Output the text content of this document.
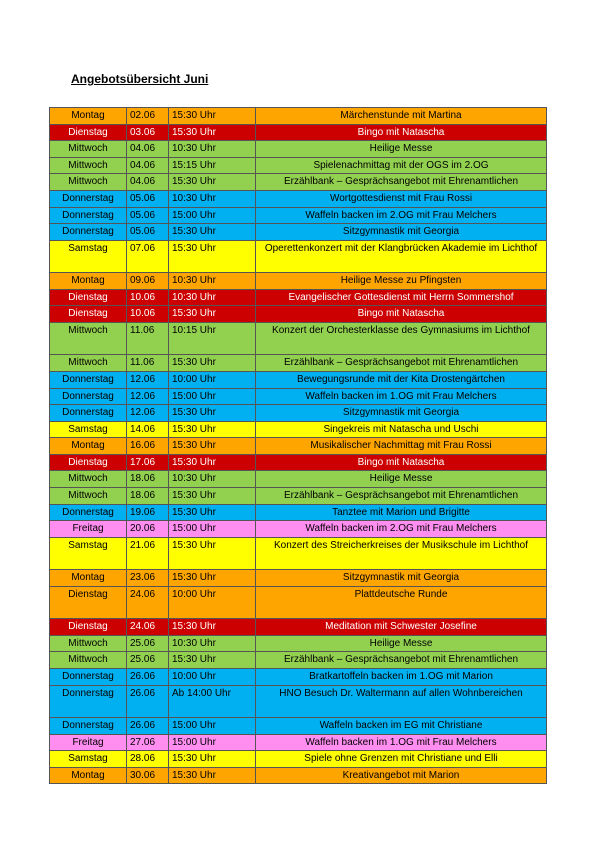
Angebotsübersicht Juni
Montag	02.06	15:30 Uhr	Märchenstunde mit Martina
Dienstag	03.06	15:30 Uhr	Bingo mit Natascha
Mittwoch	04.06	10:30 Uhr	Heilige Messe
Mittwoch	04.06	15:15 Uhr	Spielenachmittag mit der OGS im 2.OG
Mittwoch	04.06	15:30 Uhr	Erzählbank – Gesprächsangebot mit Ehrenamtlichen
Donnerstag	05.06	10:30 Uhr	Wortgottesdienst mit Frau Rossi
Donnerstag	05.06	15:00 Uhr	Waffeln backen im 2.OG mit Frau Melchers
Donnerstag	05.06	15:30 Uhr	Sitzgymnastik mit Georgia
Samstag	07.06	15:30 Uhr	Operettenkonzert mit der Klangbrücken Akademie im Lichthof
Montag	09.06	10:30 Uhr	Heilige Messe zu Pfingsten
Dienstag	10.06	10:30 Uhr	Evangelischer Gottesdienst mit Herrn Sommershof
Dienstag	10.06	15:30 Uhr	Bingo mit Natascha
Mittwoch	11.06	10:15 Uhr	Konzert der Orchesterklasse des Gymnasiums im Lichthof
Mittwoch	11.06	15:30 Uhr	Erzählbank – Gesprächsangebot mit Ehrenamtlichen
Donnerstag	12.06	10:00 Uhr	Bewegungsrunde mit der Kita Drostengärtchen
Donnerstag	12.06	15:00 Uhr	Waffeln backen im 1.OG mit Frau Melchers
Donnerstag	12.06	15:30 Uhr	Sitzgymnastik mit Georgia
Samstag	14.06	15:30 Uhr	Singekreis mit Natascha und Uschi
Montag	16.06	15:30 Uhr	Musikalischer Nachmittag mit Frau Rossi
Dienstag	17.06	15:30 Uhr	Bingo mit Natascha
Mittwoch	18.06	10:30 Uhr	Heilige Messe
Mittwoch	18.06	15:30 Uhr	Erzählbank – Gesprächsangebot mit Ehrenamtlichen
Donnerstag	19.06	15:30 Uhr	Tanztee mit Marion und Brigitte
Freitag	20.06	15:00 Uhr	Waffeln backen im 2.OG mit Frau Melchers
Samstag	21.06	15:30 Uhr	Konzert des Streicherkreises der Musikschule im Lichthof
Montag	23.06	15:30 Uhr	Sitzgymnastik mit Georgia
Dienstag	24.06	10:00 Uhr	Plattdeutsche Runde
Dienstag	24.06	15:30 Uhr	Meditation mit Schwester Josefine
Mittwoch	25.06	10:30 Uhr	Heilige Messe
Mittwoch	25.06	15:30 Uhr	Erzählbank – Gesprächsangebot mit Ehrenamtlichen
Donnerstag	26.06	10:00 Uhr	Bratkartoffeln backen im 1.OG mit Marion
Donnerstag	26.06	Ab 14:00 Uhr	HNO Besuch Dr. Waltermann auf allen Wohnbereichen
Donnerstag	26.06	15:00 Uhr	Waffeln backen im EG mit Christiane
Freitag	27.06	15:00 Uhr	Waffeln backen im 1.OG mit Frau Melchers
Samstag	28.06	15:30 Uhr	Spiele ohne Grenzen mit Christiane und Elli
Montag	30.06	15:30 Uhr	Kreativangebot mit Marion
